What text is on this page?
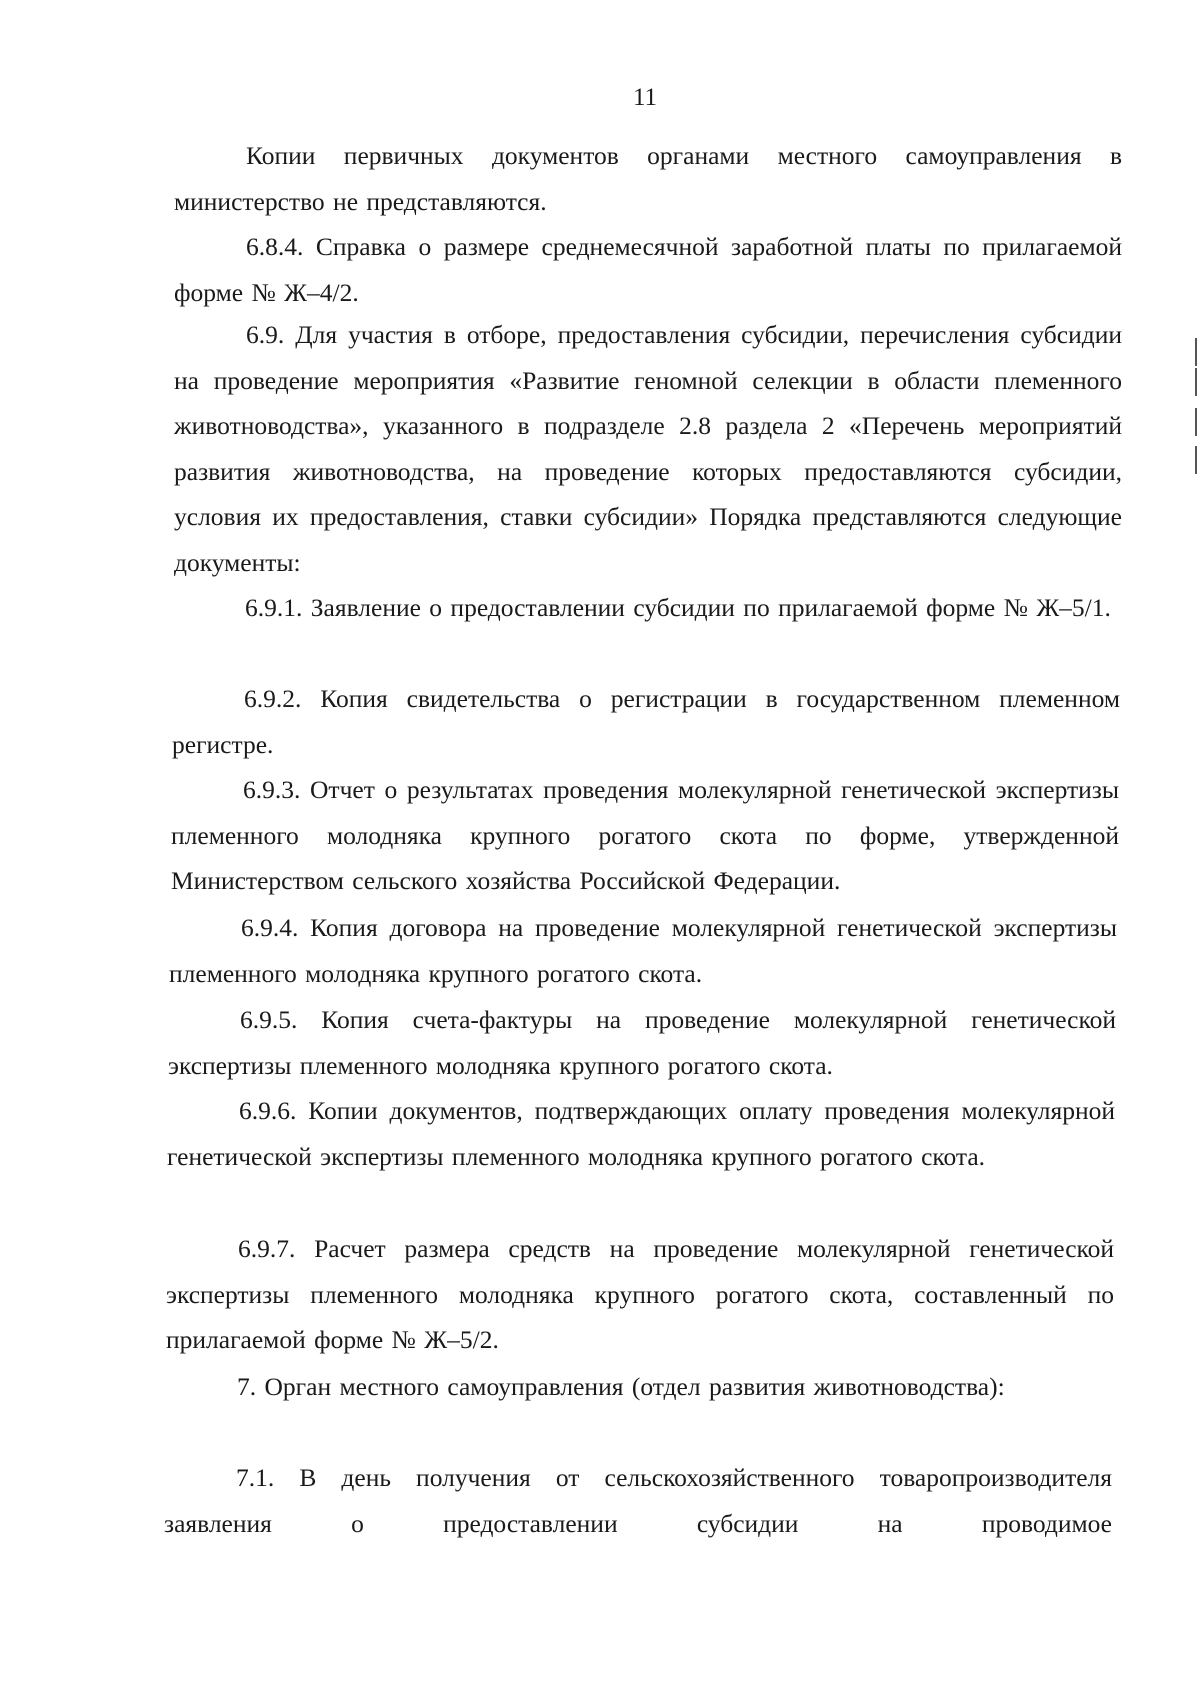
11

Копии первичных документов органами местного самоуправления в министерство не представляются.

6.8.4. Справка о размере среднемесячной заработной платы по прилагаемой форме № Ж–4/2.

6.9. Для участия в отборе, предоставления субсидии, перечисления субсидии на проведение мероприятия «Развитие геномной селекции в области племенного животноводства», указанного в подразделе 2.8 раздела 2 «Перечень мероприятий развития животноводства, на проведение которых предоставляются субсидии, условия их предоставления, ставки субсидии» Порядка представляются следующие документы:

6.9.1. Заявление о предоставлении субсидии по прилагаемой форме № Ж–5/1.

6.9.2. Копия свидетельства о регистрации в государственном племенном регистре.

6.9.3. Отчет о результатах проведения молекулярной генетической экспертизы племенного молодняка крупного рогатого скота по форме, утвержденной Министерством сельского хозяйства Российской Федерации.

6.9.4. Копия договора на проведение молекулярной генетической экспертизы племенного молодняка крупного рогатого скота.

6.9.5. Копия счета-фактуры на проведение молекулярной генетической экспертизы племенного молодняка крупного рогатого скота.

6.9.6. Копии документов, подтверждающих оплату проведения молекулярной генетической экспертизы племенного молодняка крупного рогатого скота.

6.9.7. Расчет размера средств на проведение молекулярной генетической экспертизы племенного молодняка крупного рогатого скота, составленный по прилагаемой форме № Ж–5/2.

7. Орган местного самоуправления (отдел развития животноводства):

7.1. В день получения от сельскохозяйственного товаропроизводителя заявления о предоставлении субсидии на проводимое
